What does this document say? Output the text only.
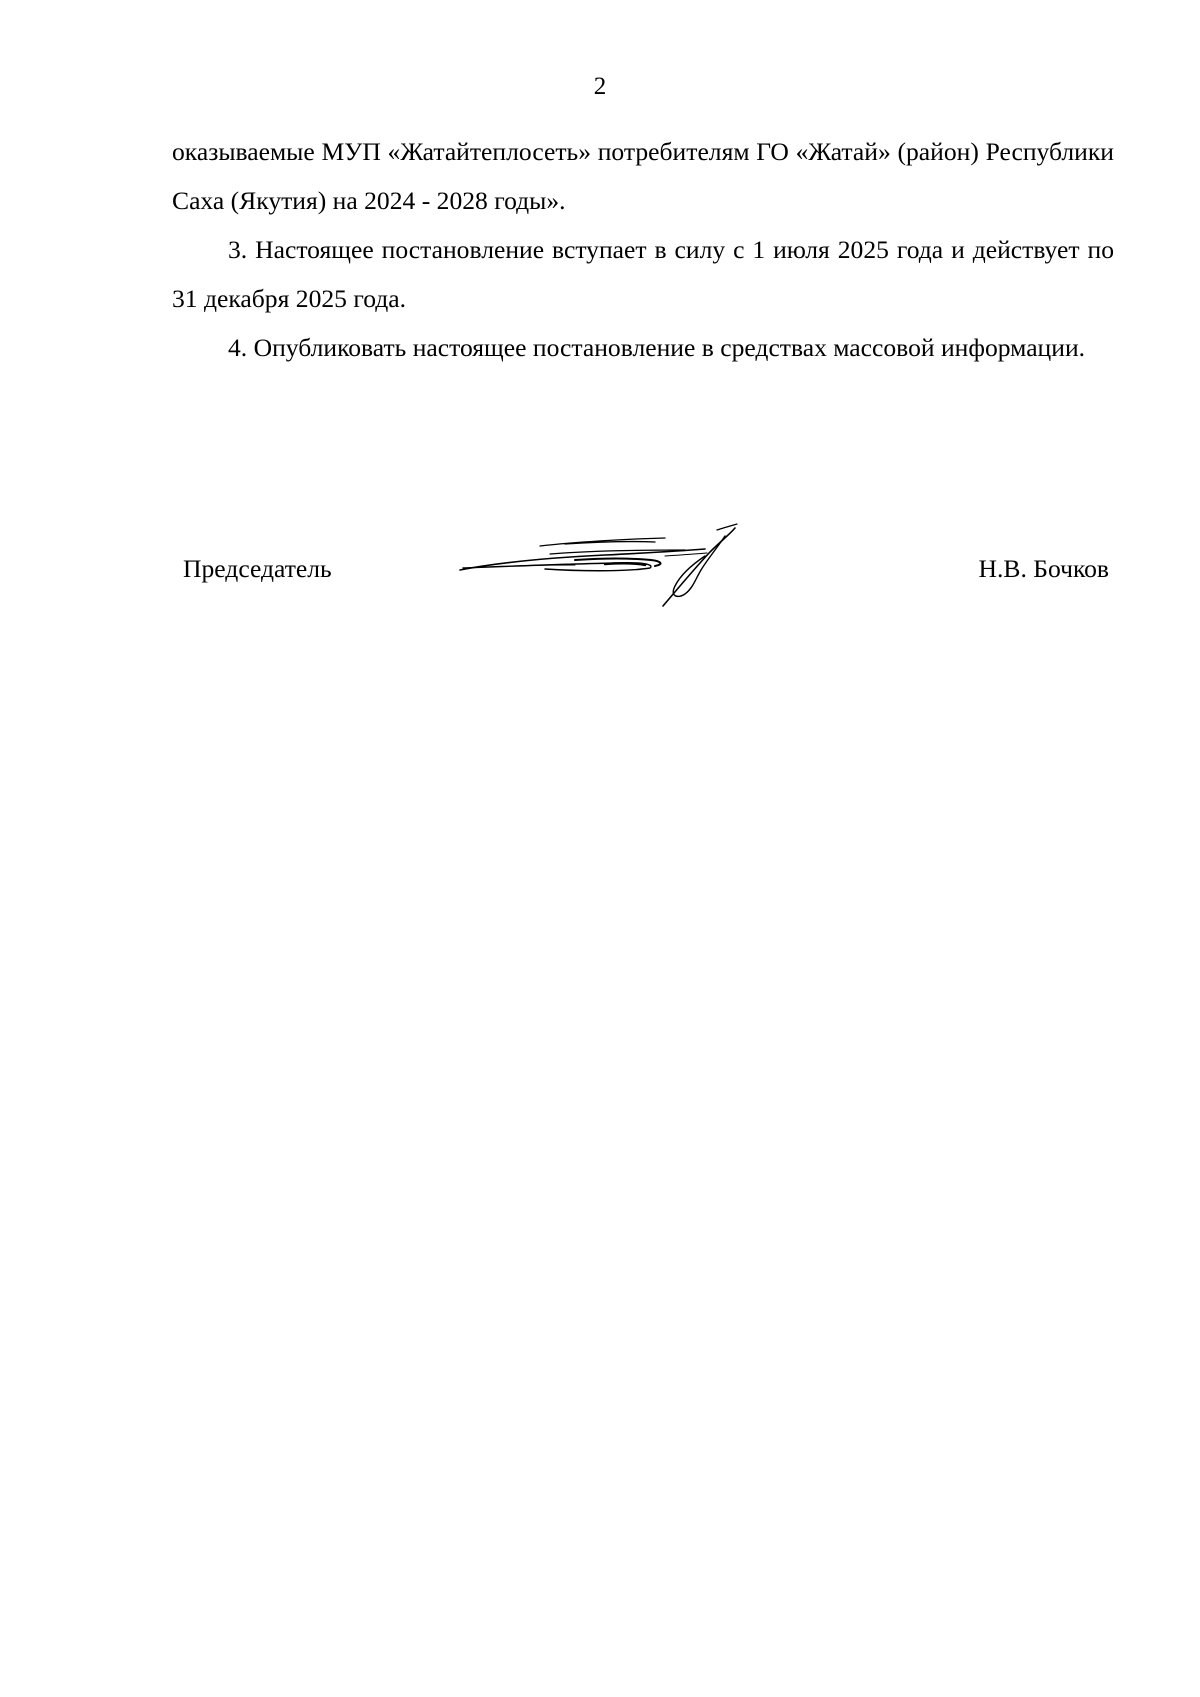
2

оказываемые МУП «Жатайтеплосеть» потребителям ГО «Жатай» (район) Республики Саха (Якутия) на 2024 - 2028 годы».

3. Настоящее постановление вступает в силу с 1 июля 2025 года и действует по 31 декабря 2025 года.

4. Опубликовать настоящее постановление в средствах массовой информации.

Председатель	Н.В. Бочков
